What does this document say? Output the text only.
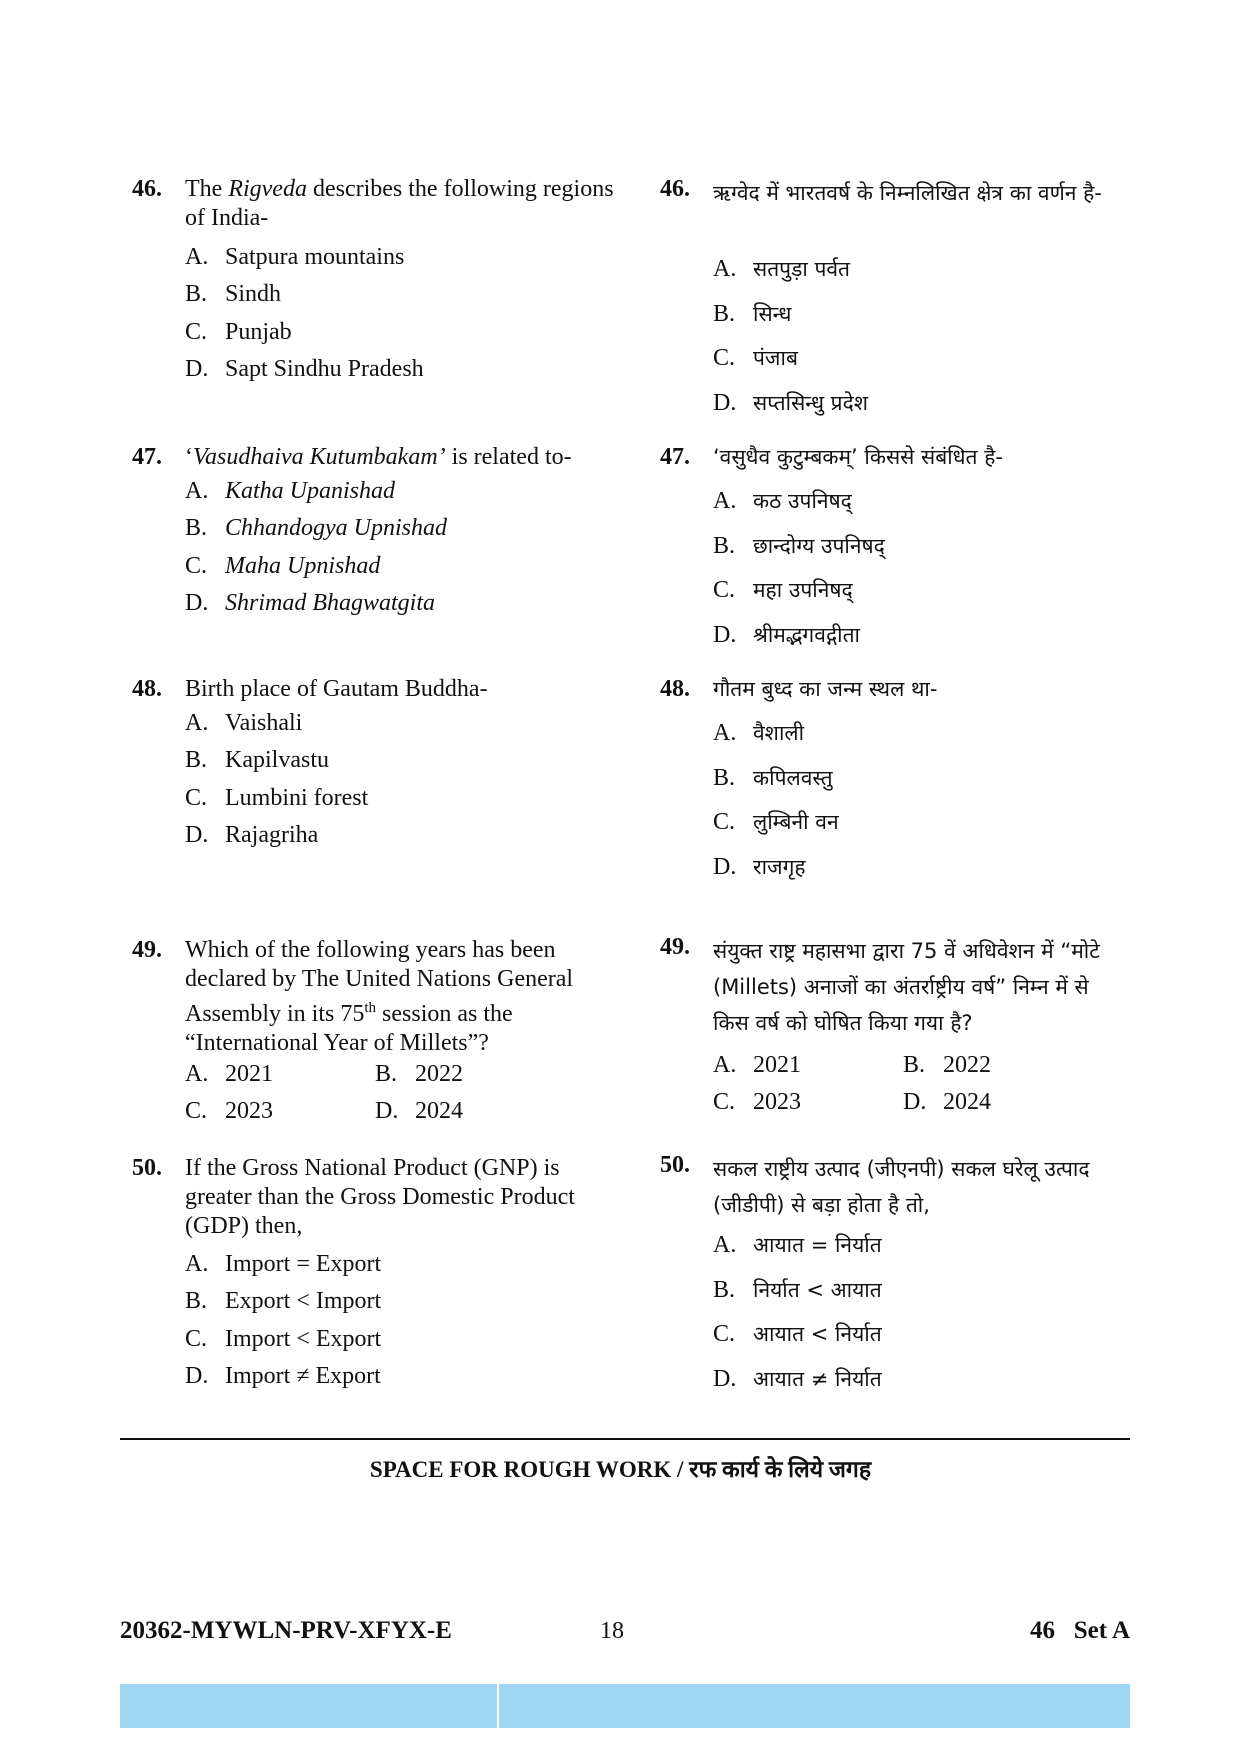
46. The Rigveda describes the following regions of India-
A. Satpura mountains
B. Sindh
C. Punjab
D. Sapt Sindhu Pradesh
47. ‘Vasudhaiva Kutumbakam’ is related to-
A. Katha Upanishad
B. Chhandogya Upnishad
C. Maha Upnishad
D. Shrimad Bhagwatgita
48. Birth place of Gautam Buddha-
A. Vaishali
B. Kapilvastu
C. Lumbini forest
D. Rajagriha
49. Which of the following years has been declared by The United Nations General Assembly in its 75th session as the “International Year of Millets”?
A. 2021	B. 2022
C. 2023	D. 2024
50. If the Gross National Product (GNP) is greater than the Gross Domestic Product (GDP) then,
A. Import = Export
B. Export < Import
C. Import < Export
D. Import ≠ Export
46. ऋग्वेद में भारतवर्ष के निम्नलिखित क्षेत्र का वर्णन है-
A. सतपुड़ा पर्वत
B. सिन्ध
C. पंजाब
D. सप्तसिन्धु प्रदेश
47. ‘वसुधैव कुटुम्बकम्’ किससे संबंधित है-
A. कठ उपनिषद्
B. छान्दोग्य उपनिषद्
C. महा उपनिषद्
D. श्रीमद्भगवद्गीता
48. गौतम बुध्द का जन्म स्थल था-
A. वैशाली
B. कपिलवस्तु
C. लुम्बिनी वन
D. राजगृह
49. संयुक्त राष्ट्र महासभा द्वारा 75 वें अधिवेशन में “मोटे (Millets) अनाजों का अंतर्राष्ट्रीय वर्ष” निम्न में से किस वर्ष को घोषित किया गया है?
A. 2021	B. 2022
C. 2023	D. 2024
50. सकल राष्ट्रीय उत्पाद (जीएनपी) सकल घरेलू उत्पाद (जीडीपी) से बड़ा होता है तो,
A. आयात = निर्यात
B. निर्यात < आयात
C. आयात < निर्यात
D. आयात ≠ निर्यात
SPACE FOR ROUGH WORK / रफ कार्य के लिये जगह
20362-MYWLN-PRV-XFYX-E	18	46   Set A
